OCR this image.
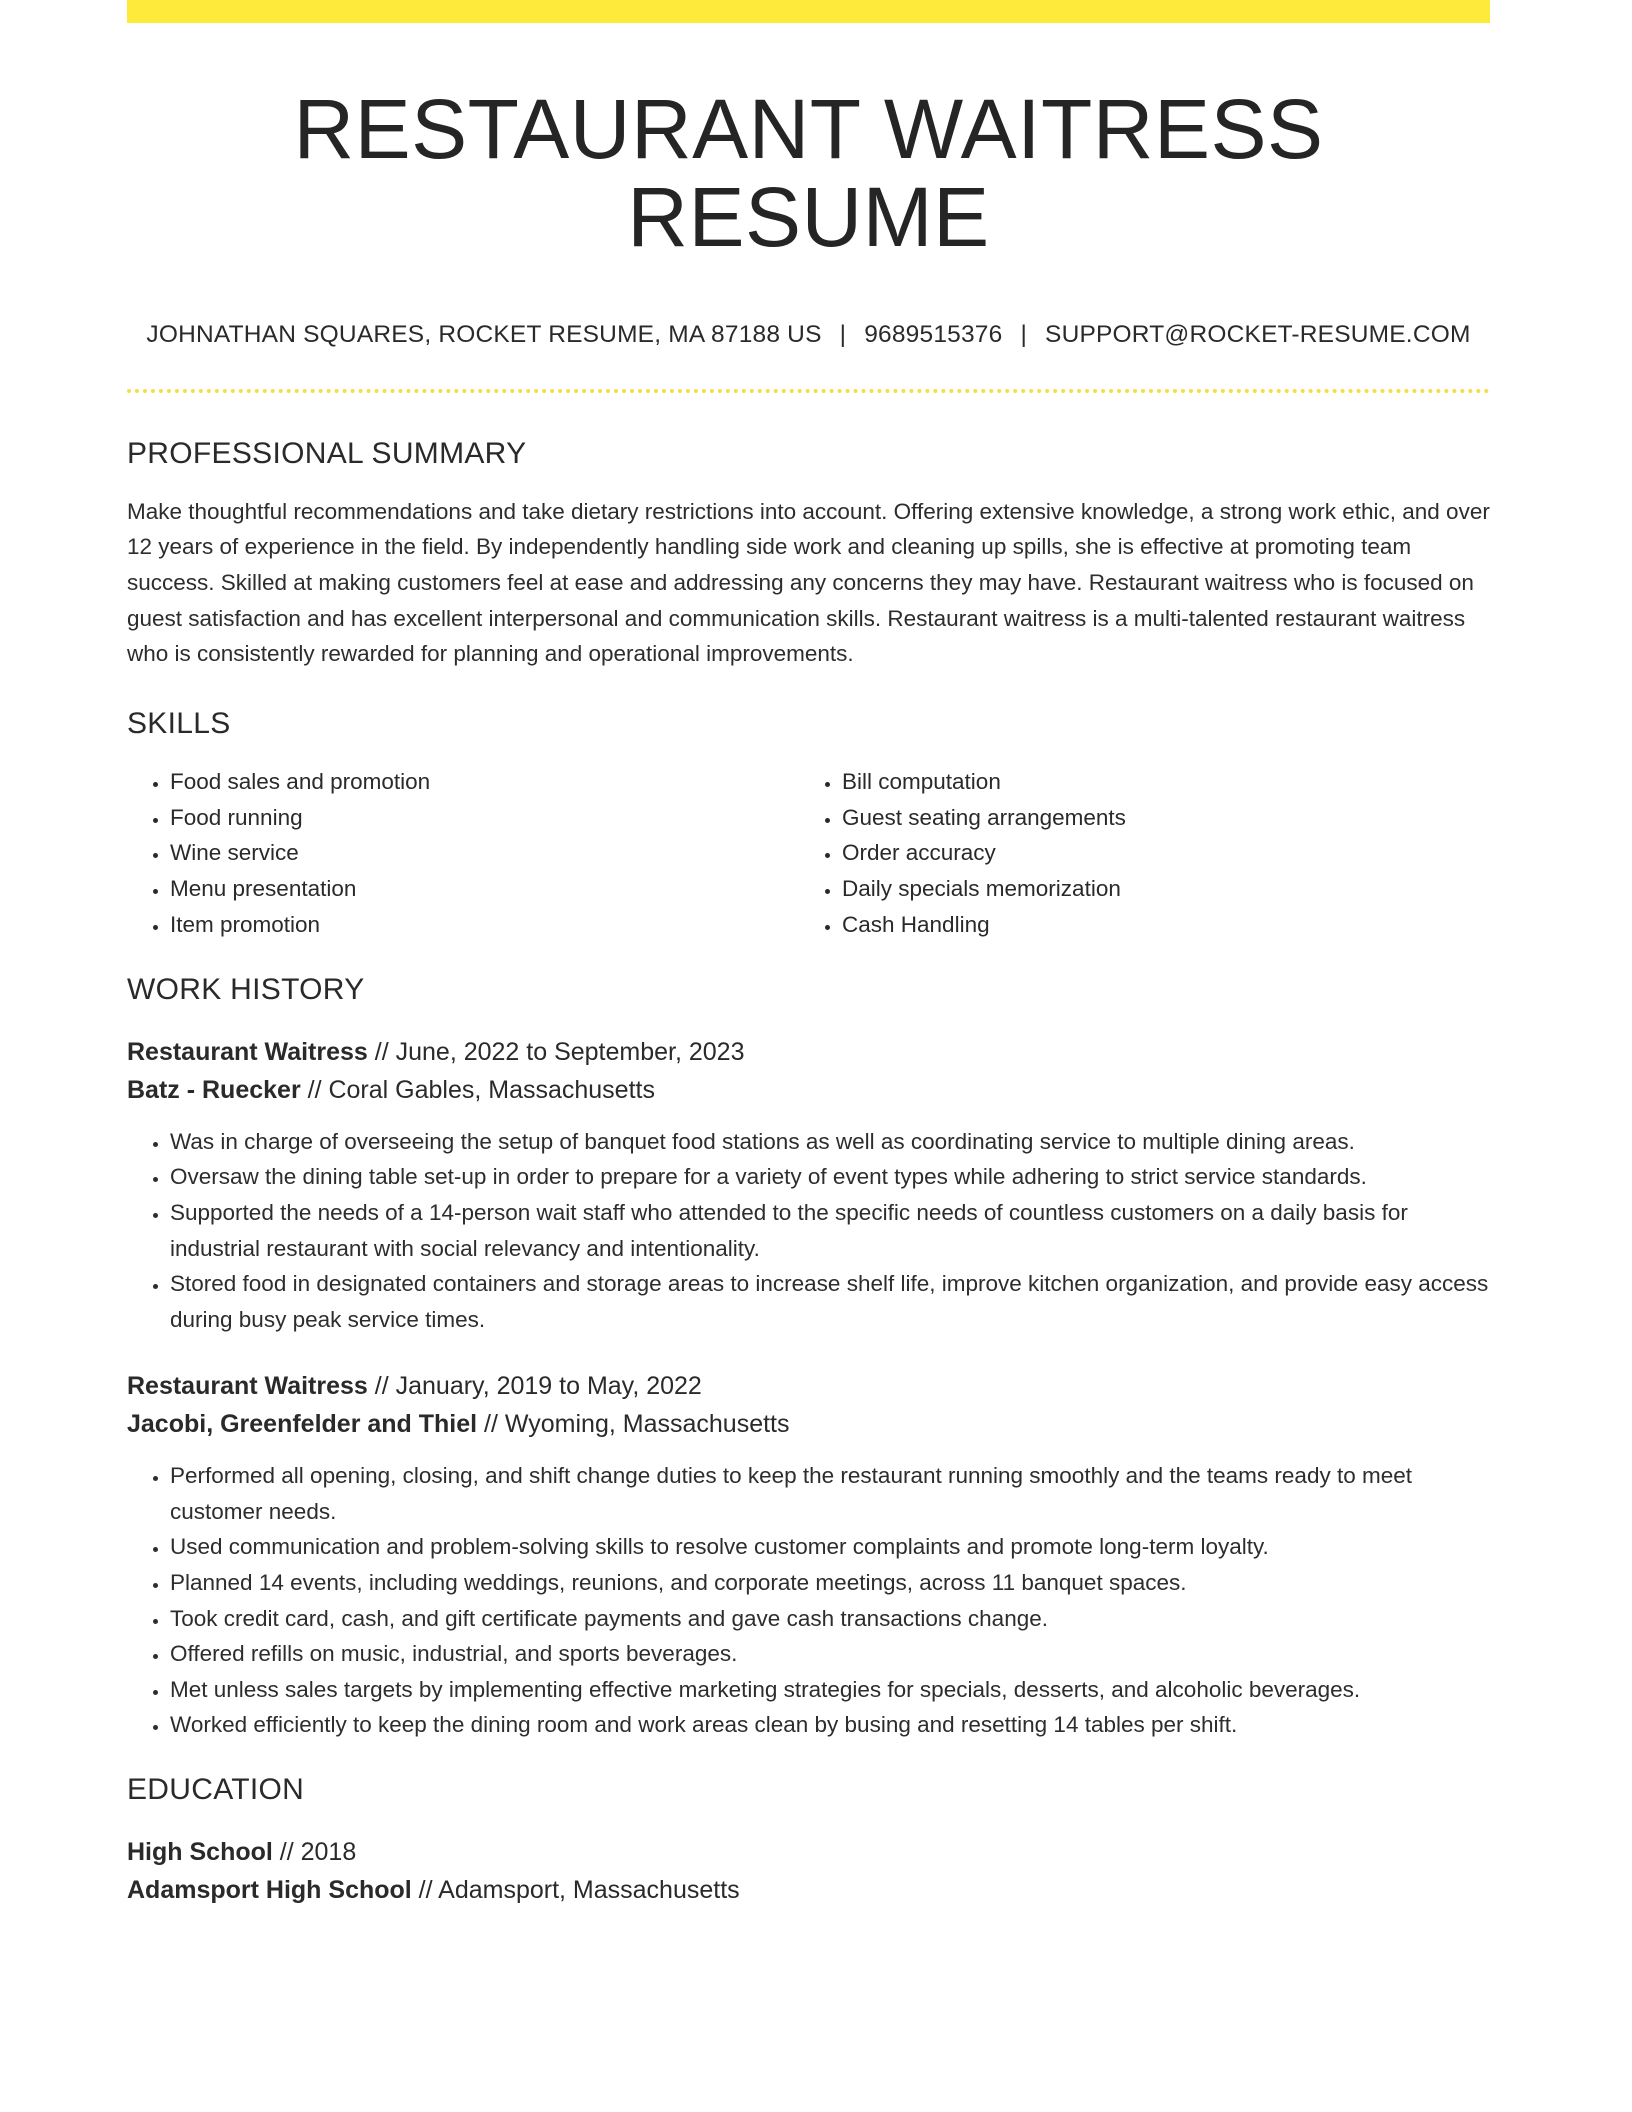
RESTAURANT WAITRESS RESUME
JOHNATHAN SQUARES, ROCKET RESUME, MA 87188 US | 9689515376 | SUPPORT@ROCKET-RESUME.COM
PROFESSIONAL SUMMARY
Make thoughtful recommendations and take dietary restrictions into account. Offering extensive knowledge, a strong work ethic, and over 12 years of experience in the field. By independently handling side work and cleaning up spills, she is effective at promoting team success. Skilled at making customers feel at ease and addressing any concerns they may have. Restaurant waitress who is focused on guest satisfaction and has excellent interpersonal and communication skills. Restaurant waitress is a multi-talented restaurant waitress who is consistently rewarded for planning and operational improvements.
SKILLS
• Food sales and promotion
• Food running
• Wine service
• Menu presentation
• Item promotion
• Bill computation
• Guest seating arrangements
• Order accuracy
• Daily specials memorization
• Cash Handling
WORK HISTORY
Restaurant Waitress // June, 2022 to September, 2023
Batz - Ruecker // Coral Gables, Massachusetts
• Was in charge of overseeing the setup of banquet food stations as well as coordinating service to multiple dining areas.
• Oversaw the dining table set-up in order to prepare for a variety of event types while adhering to strict service standards.
• Supported the needs of a 14-person wait staff who attended to the specific needs of countless customers on a daily basis for industrial restaurant with social relevancy and intentionality.
• Stored food in designated containers and storage areas to increase shelf life, improve kitchen organization, and provide easy access during busy peak service times.
Restaurant Waitress // January, 2019 to May, 2022
Jacobi, Greenfelder and Thiel // Wyoming, Massachusetts
• Performed all opening, closing, and shift change duties to keep the restaurant running smoothly and the teams ready to meet customer needs.
• Used communication and problem-solving skills to resolve customer complaints and promote long-term loyalty.
• Planned 14 events, including weddings, reunions, and corporate meetings, across 11 banquet spaces.
• Took credit card, cash, and gift certificate payments and gave cash transactions change.
• Offered refills on music, industrial, and sports beverages.
• Met unless sales targets by implementing effective marketing strategies for specials, desserts, and alcoholic beverages.
• Worked efficiently to keep the dining room and work areas clean by busing and resetting 14 tables per shift.
EDUCATION
High School // 2018
Adamsport High School // Adamsport, Massachusetts
